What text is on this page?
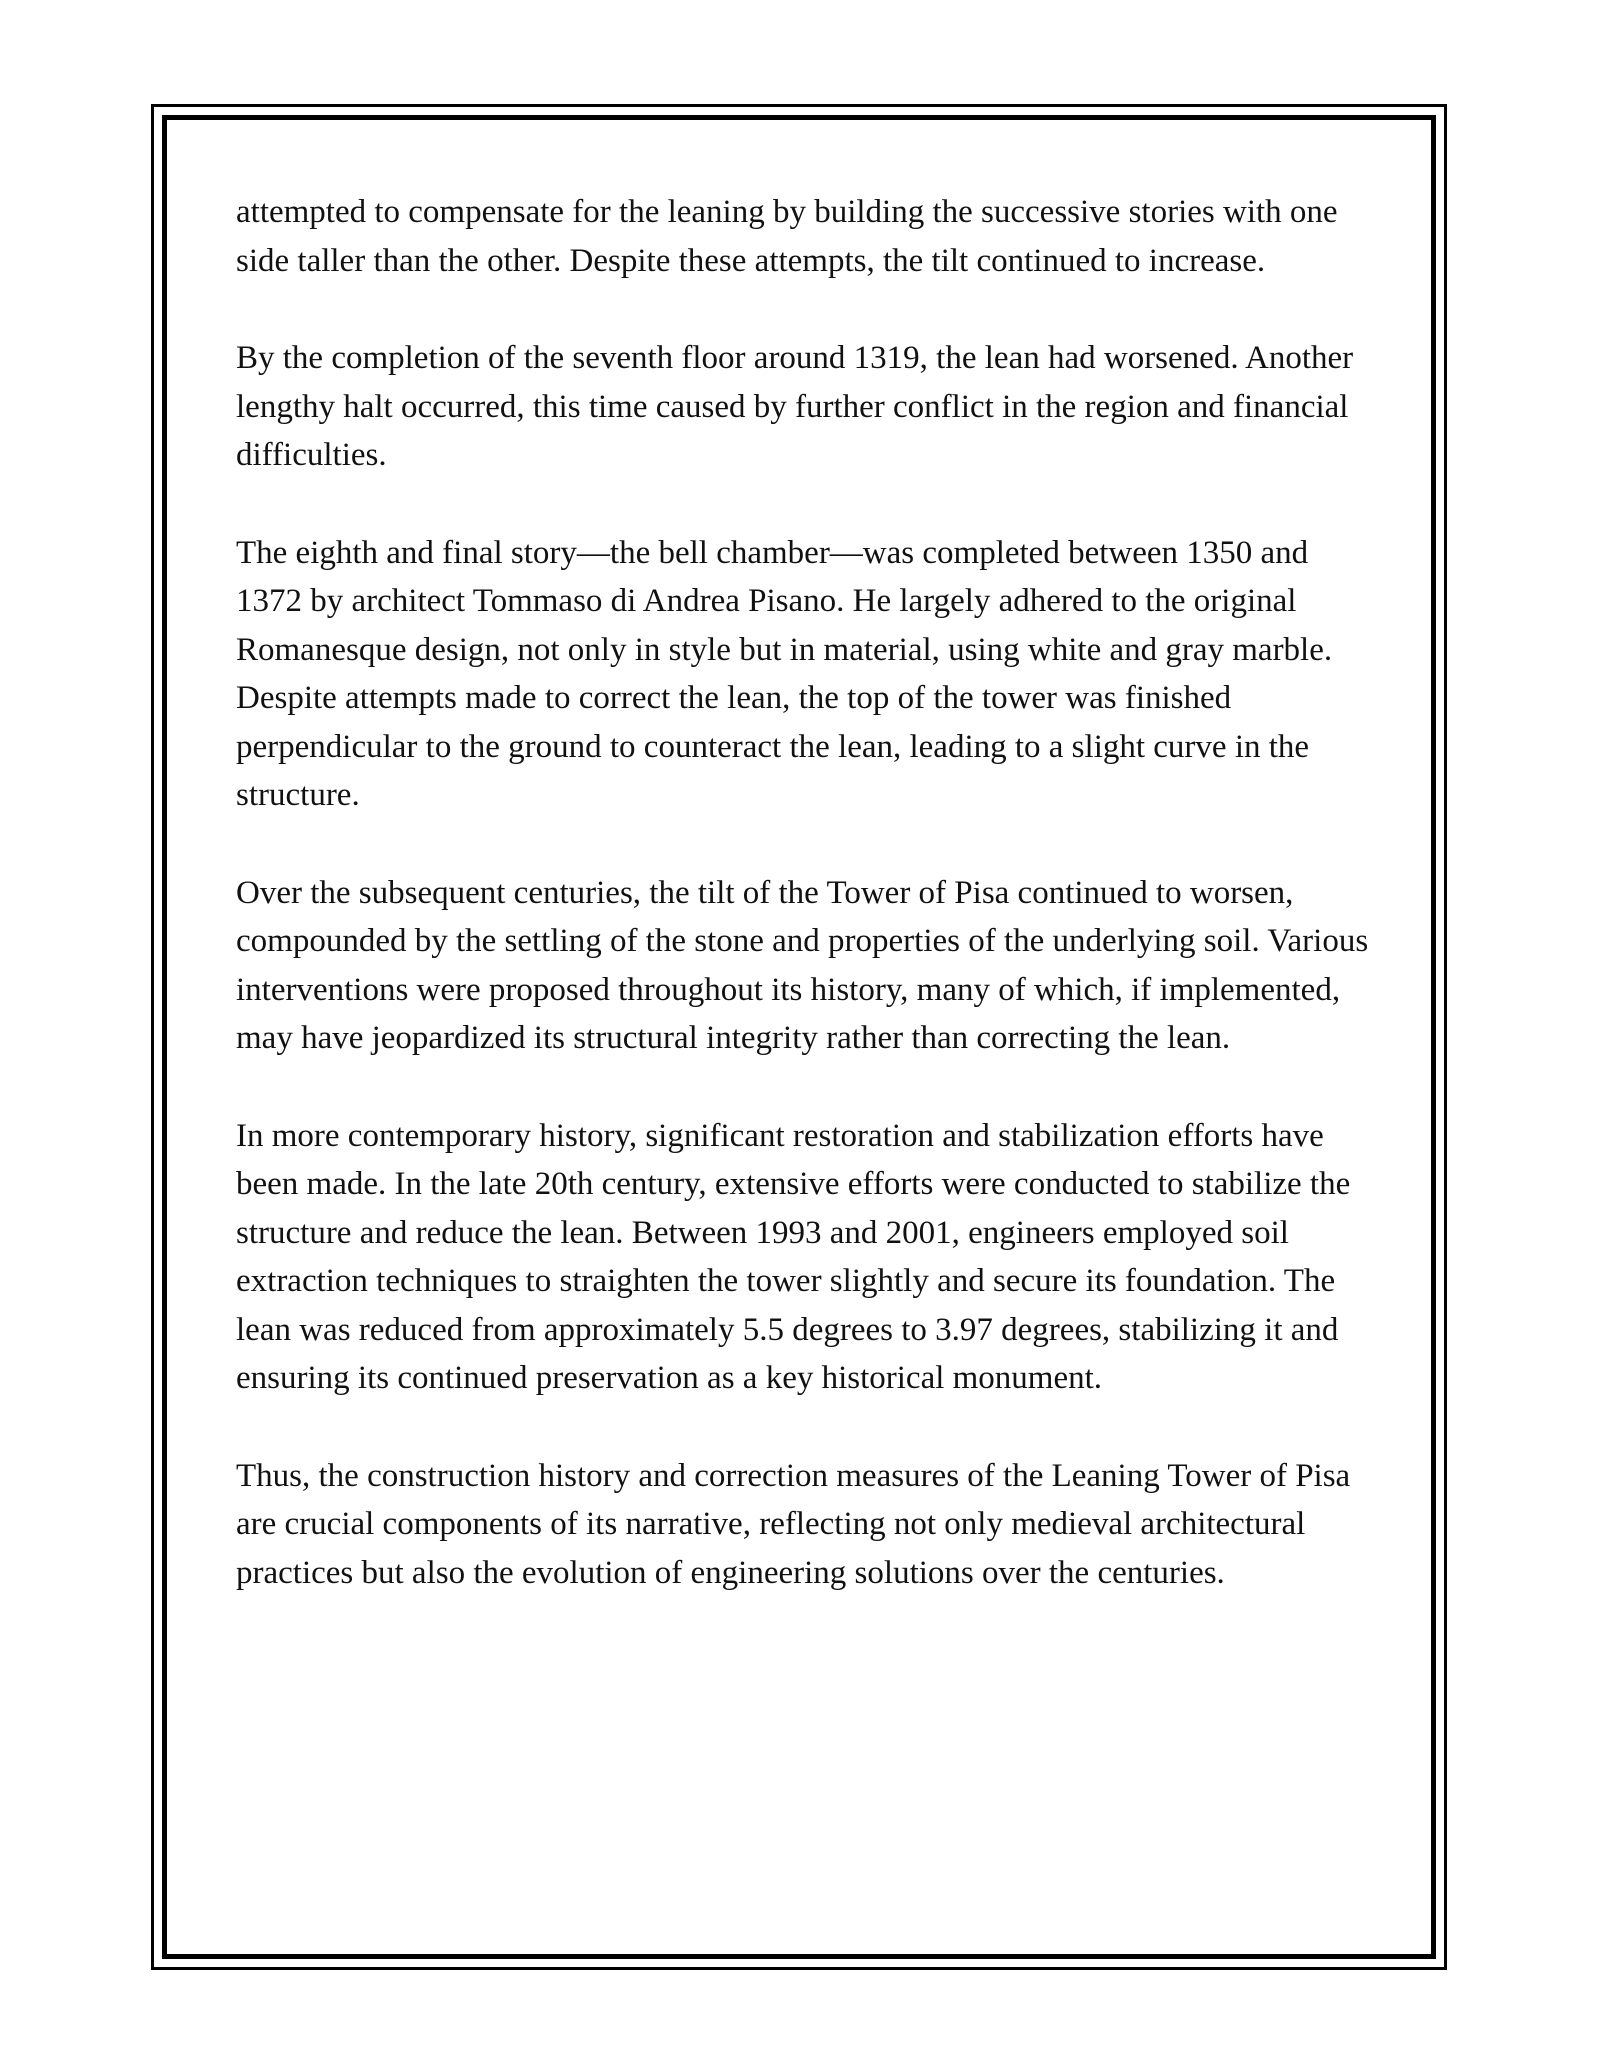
attempted to compensate for the leaning by building the successive stories with one side taller than the other. Despite these attempts, the tilt continued to increase.

By the completion of the seventh floor around 1319, the lean had worsened. Another lengthy halt occurred, this time caused by further conflict in the region and financial difficulties.

The eighth and final story—the bell chamber—was completed between 1350 and 1372 by architect Tommaso di Andrea Pisano. He largely adhered to the original Romanesque design, not only in style but in material, using white and gray marble. Despite attempts made to correct the lean, the top of the tower was finished perpendicular to the ground to counteract the lean, leading to a slight curve in the structure.

Over the subsequent centuries, the tilt of the Tower of Pisa continued to worsen, compounded by the settling of the stone and properties of the underlying soil. Various interventions were proposed throughout its history, many of which, if implemented, may have jeopardized its structural integrity rather than correcting the lean.

In more contemporary history, significant restoration and stabilization efforts have been made. In the late 20th century, extensive efforts were conducted to stabilize the structure and reduce the lean. Between 1993 and 2001, engineers employed soil extraction techniques to straighten the tower slightly and secure its foundation. The lean was reduced from approximately 5.5 degrees to 3.97 degrees, stabilizing it and ensuring its continued preservation as a key historical monument.

Thus, the construction history and correction measures of the Leaning Tower of Pisa are crucial components of its narrative, reflecting not only medieval architectural practices but also the evolution of engineering solutions over the centuries.
